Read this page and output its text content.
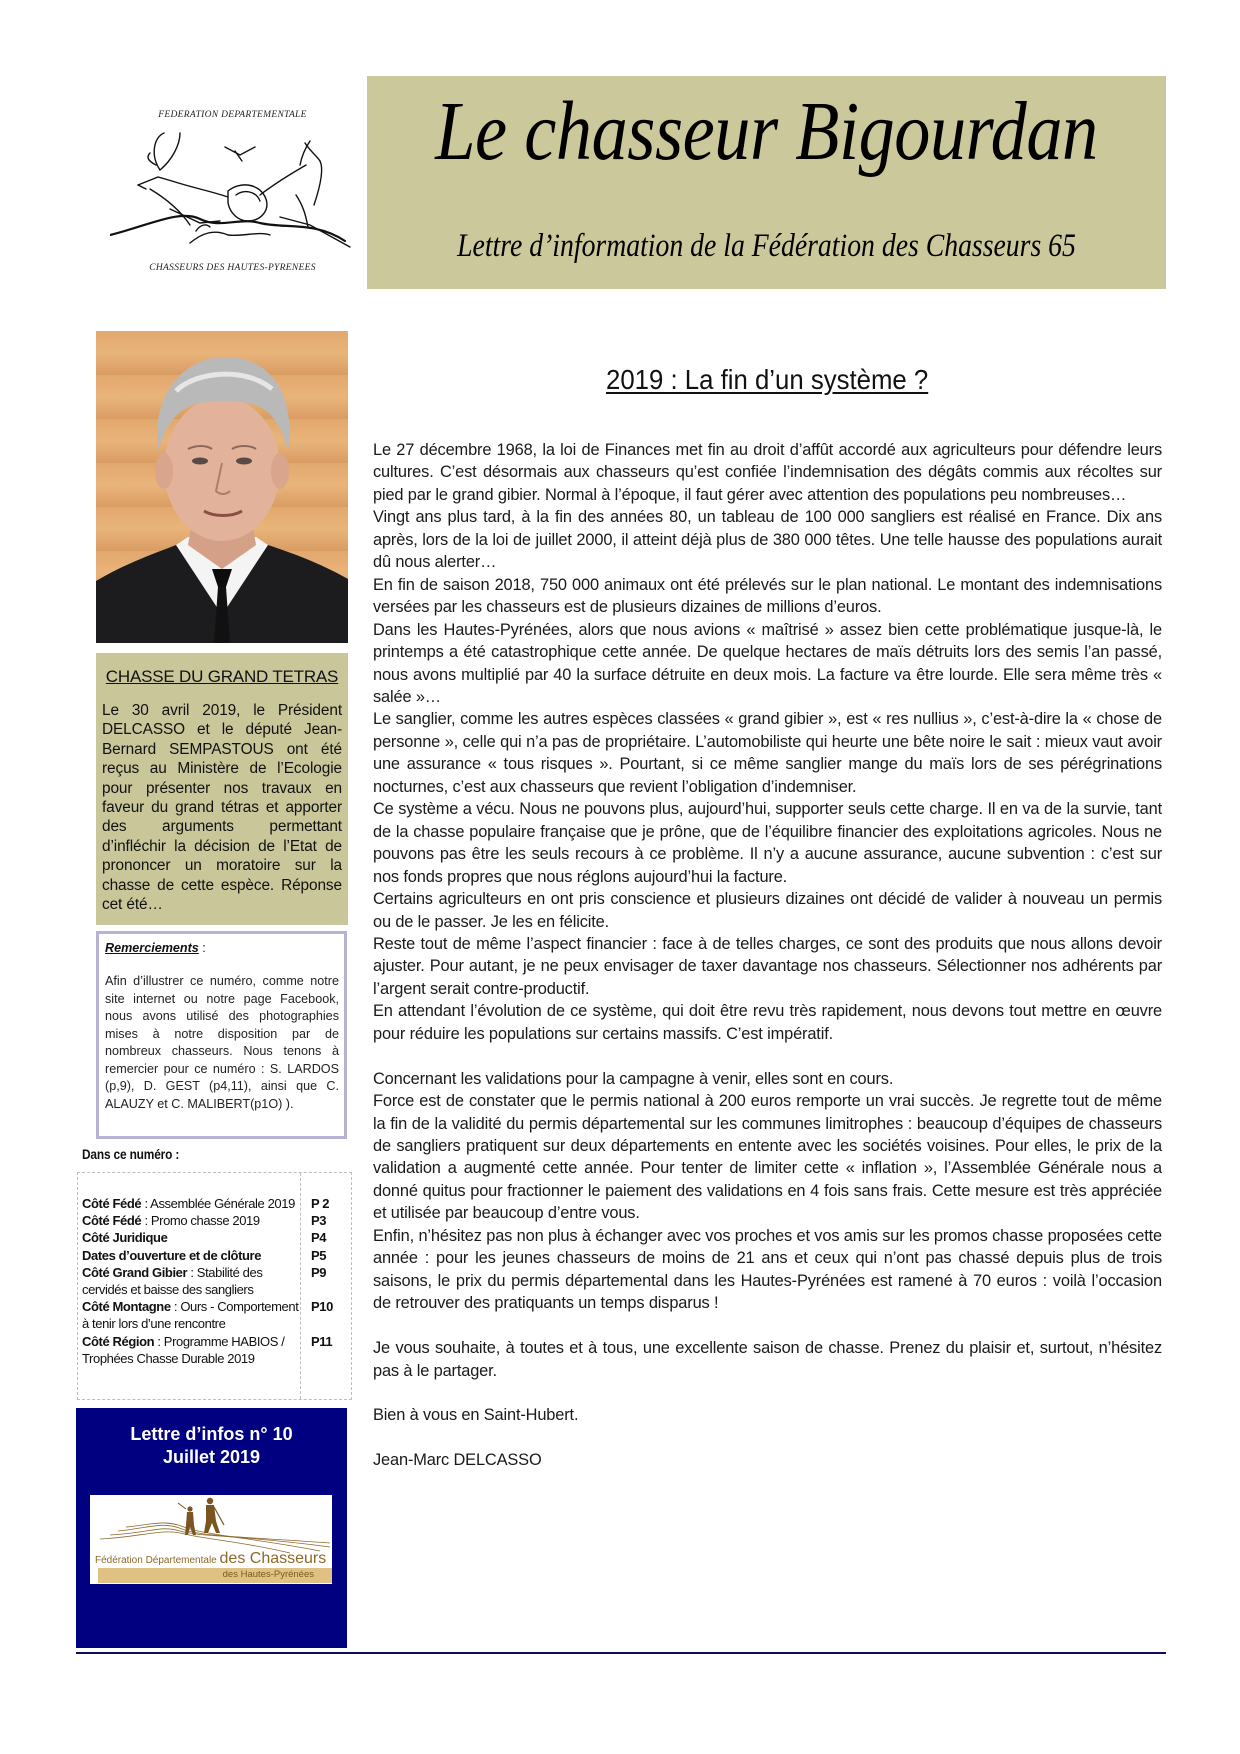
FEDERATION DEPARTEMENTALE
CHASSEURS DES HAUTES-PYRENEES
Le chasseur Bigourdan
Lettre d’information de la Fédération des Chasseurs 65
CHASSE DU GRAND TETRAS
Le 30 avril 2019, le Président DELCASSO et le député Jean-Bernard SEMPASTOUS ont été reçus au Ministère de l’Ecologie pour présenter nos travaux en faveur du grand tétras et apporter des arguments permettant d’infléchir la décision de l’Etat de prononcer un moratoire sur la chasse de cette espèce. Réponse cet été…
Remerciements :
Afin d’illustrer ce numéro, comme notre site internet ou notre page Facebook, nous avons utilisé des photographies mises à notre disposition par de nombreux chasseurs. Nous tenons à remercier pour ce numéro : S. LARDOS (p,9), D. GEST (p4,11), ainsi que C. ALAUZY et C. MALIBERT(p1O) ).
Dans ce numéro :
Côté Fédé : Assemblée Générale 2019	P 2
Côté Fédé : Promo chasse 2019	P3
Côté Juridique	P4
Dates d’ouverture et de clôture	P5
Côté Grand Gibier : Stabilité des cervidés et baisse des sangliers	P9
Côté Montagne : Ours - Comportement à tenir lors d’une rencontre	P10
Côté Région : Programme HABIOS / Trophées Chasse Durable 2019	P11
Lettre d’infos n° 10
Juillet 2019
Fédération Départementale des Chasseurs
des Hautes-Pyrénées
2019 : La fin d’un système ?

Le 27 décembre 1968, la loi de Finances met fin au droit d’affût accordé aux agriculteurs pour défendre leurs cultures. C’est désormais aux chasseurs qu’est confiée l’indemnisation des dégâts commis aux récoltes sur pied par le grand gibier. Normal à l’époque, il faut gérer avec attention des populations peu nombreuses…

Vingt ans plus tard, à la fin des années 80, un tableau de 100 000 sangliers est réalisé en France. Dix ans après, lors de la loi de juillet 2000, il atteint déjà plus de 380 000 têtes. Une telle hausse des populations aurait dû nous alerter…

En fin de saison 2018, 750 000 animaux ont été prélevés sur le plan national. Le montant des indemnisations versées par les chasseurs est de plusieurs dizaines de millions d’euros.

Dans les Hautes-Pyrénées, alors que nous avions « maîtrisé » assez bien cette problématique jusque-là, le printemps a été catastrophique cette année. De quelque hectares de maïs détruits lors des semis l’an passé, nous avons multiplié par 40 la surface détruite en deux mois. La facture va être lourde. Elle sera même très « salée »…

Le sanglier, comme les autres espèces classées « grand gibier », est « res nullius », c’est-à-dire la « chose de personne », celle qui n’a pas de propriétaire. L’automobiliste qui heurte une bête noire le sait : mieux vaut avoir une assurance « tous risques ». Pourtant, si ce même sanglier mange du maïs lors de ses pérégrinations nocturnes, c’est aux chasseurs que revient l’obligation d’indemniser.

Ce système a vécu. Nous ne pouvons plus, aujourd’hui, supporter seuls cette charge. Il en va de la survie, tant de la chasse populaire française que je prône, que de l’équilibre financier des exploitations agricoles. Nous ne pouvons pas être les seuls recours à ce problème. Il n’y a aucune assurance, aucune subvention : c’est sur nos fonds propres que nous réglons aujourd’hui la facture.

Certains agriculteurs en ont pris conscience et plusieurs dizaines ont décidé de valider à nouveau un permis ou de le passer. Je les en félicite.

Reste tout de même l’aspect financier : face à de telles charges, ce sont des produits que nous allons devoir ajuster. Pour autant, je ne peux envisager de taxer davantage nos chasseurs. Sélectionner nos adhérents par l’argent serait contre-productif.

En attendant l’évolution de ce système, qui doit être revu très rapidement, nous devons tout mettre en œuvre pour réduire les populations sur certains massifs. C’est impératif.

Concernant les validations pour la campagne à venir, elles sont en cours.

Force est de constater que le permis national à 200 euros remporte un vrai succès. Je regrette tout de même la fin de la validité du permis départemental sur les communes limitrophes : beaucoup d’équipes de chasseurs de sangliers pratiquent sur deux départements en entente avec les sociétés voisines. Pour elles, le prix de la validation a augmenté cette année. Pour tenter de limiter cette « inflation », l’Assemblée Générale nous a donné quitus pour fractionner le paiement des validations en 4 fois sans frais. Cette mesure est très appréciée et utilisée par beaucoup d’entre vous.

Enfin, n’hésitez pas non plus à échanger avec vos proches et vos amis sur les promos chasse proposées cette année : pour les jeunes chasseurs de moins de 21 ans et ceux qui n’ont pas chassé depuis plus de trois saisons, le prix du permis départemental dans les Hautes-Pyrénées est ramené à 70 euros : voilà l’occasion de retrouver des pratiquants un temps disparus !

Je vous souhaite, à toutes et à tous, une excellente saison de chasse. Prenez du plaisir et, surtout, n’hésitez pas à le partager.

Bien à vous en Saint-Hubert.

Jean-Marc DELCASSO
